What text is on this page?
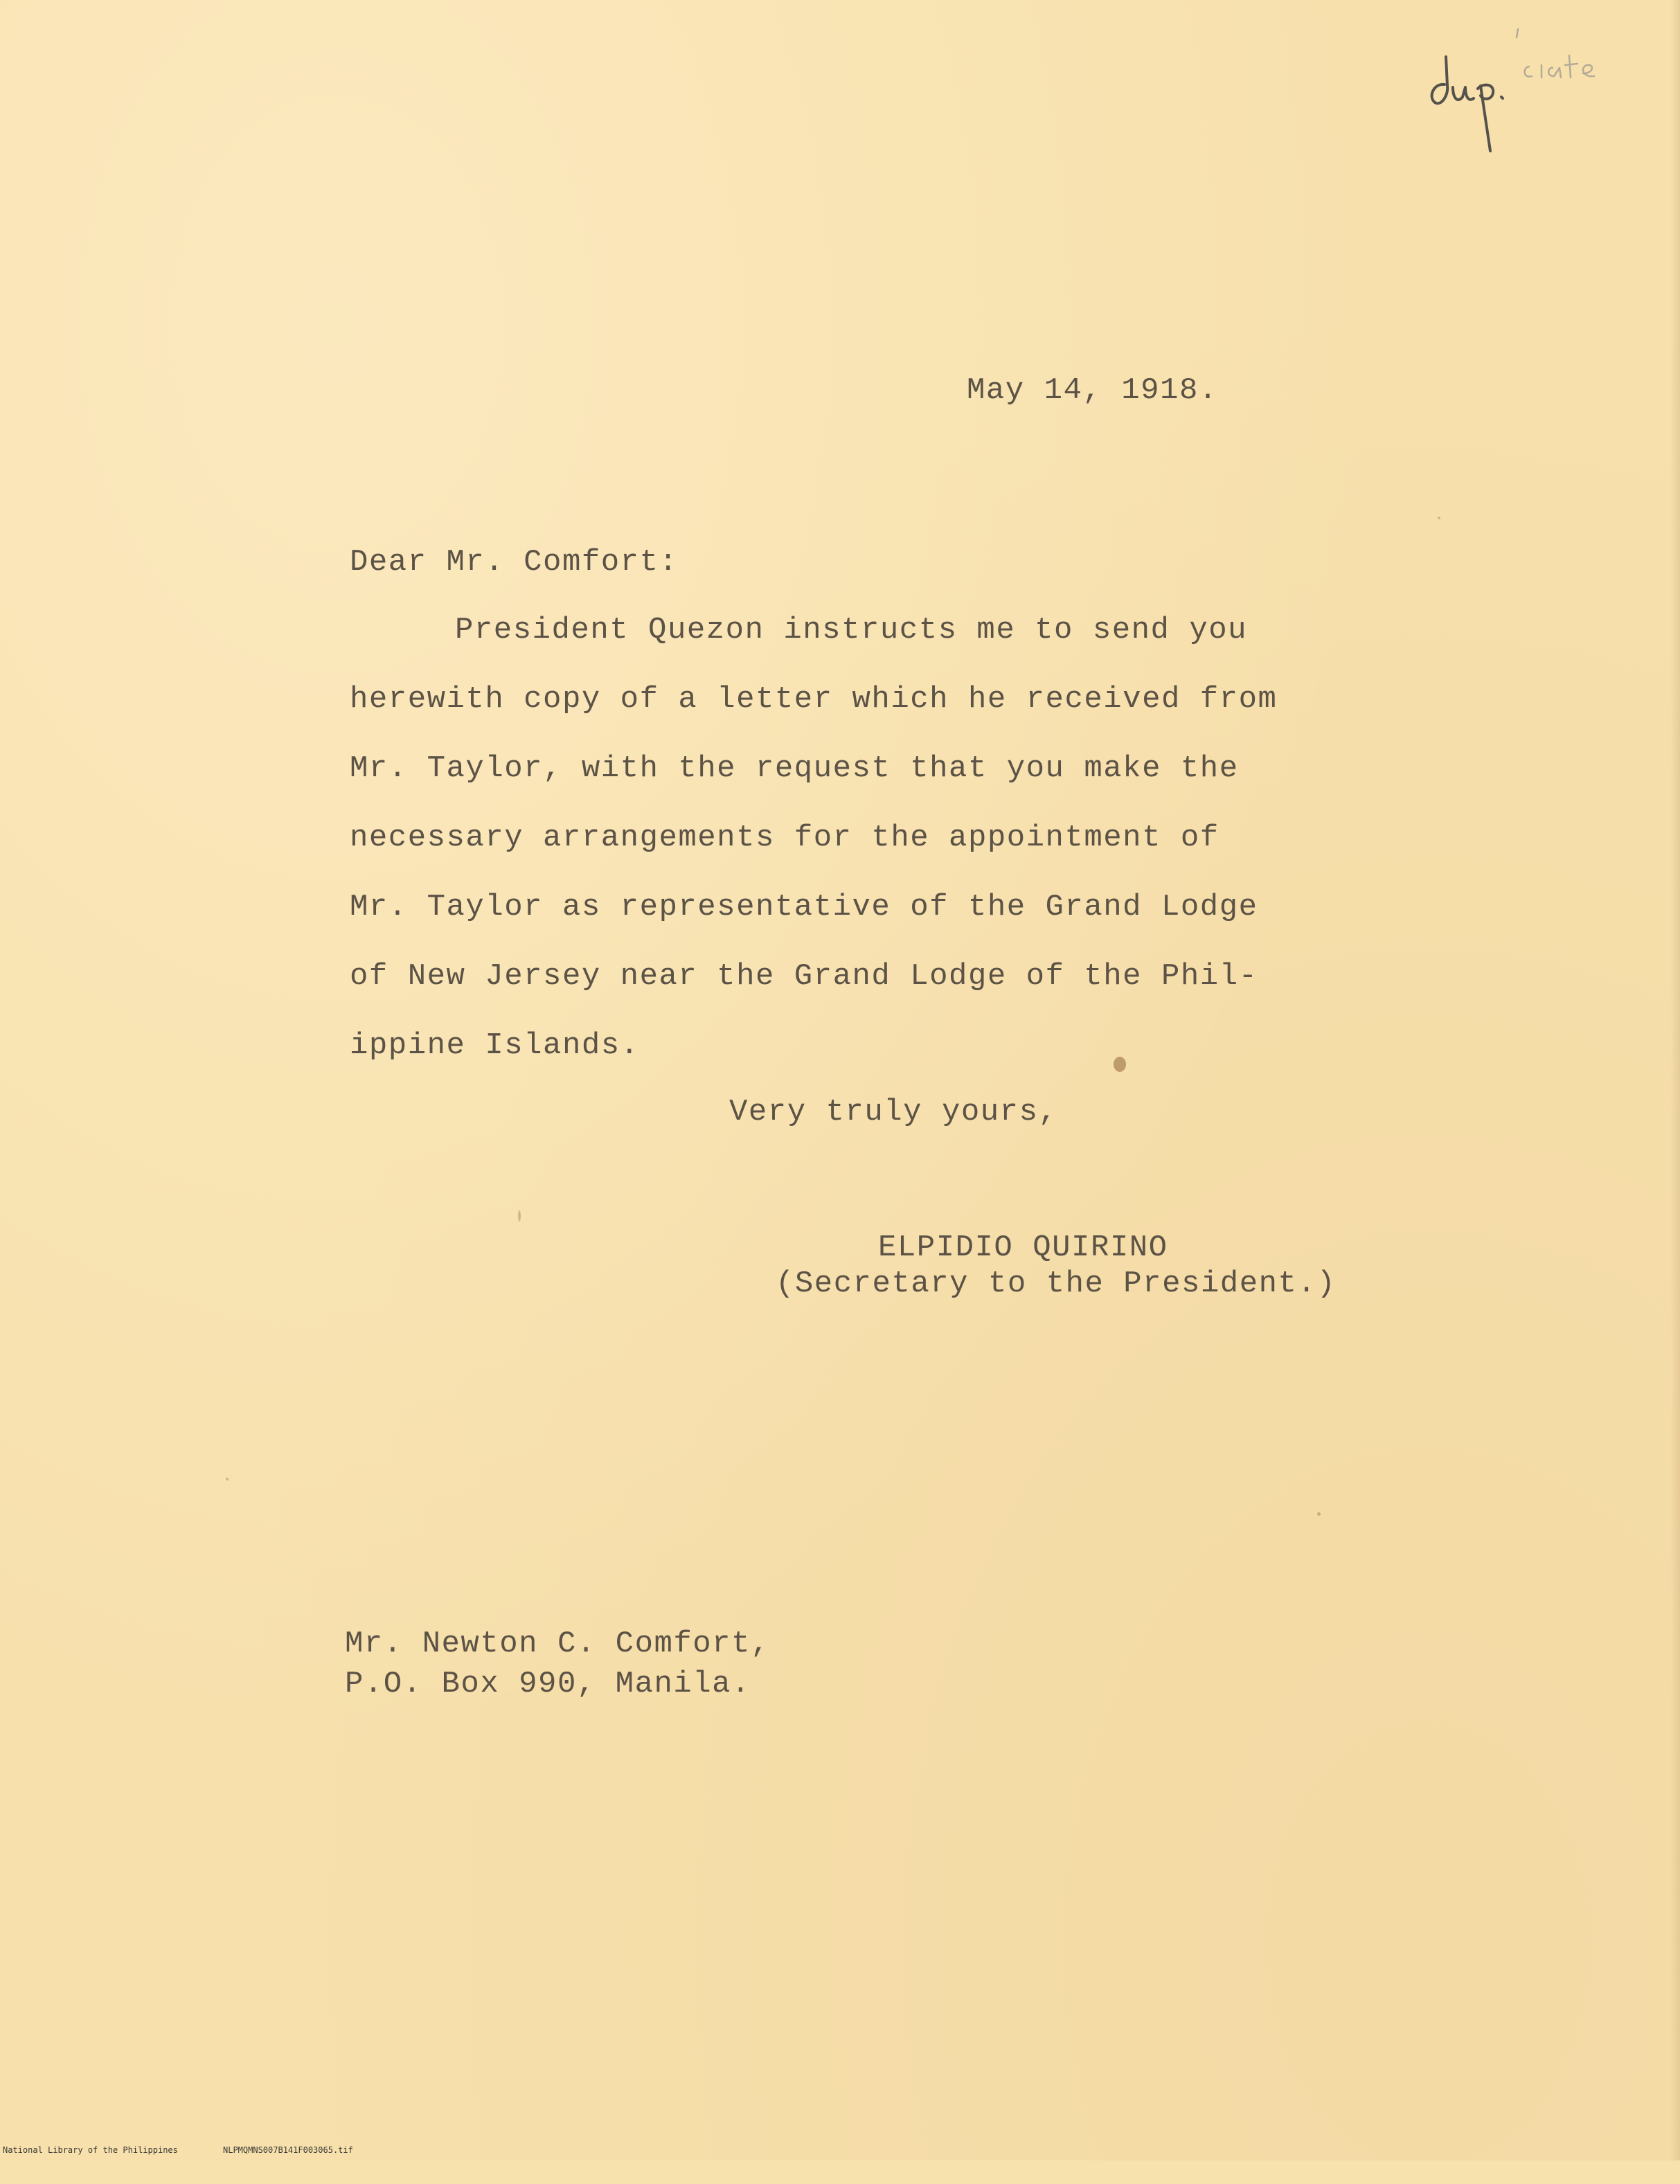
May 14, 1918.
Dear Mr. Comfort:
President Quezon instructs me to send you
herewith copy of a letter which he received from
Mr. Taylor, with the request that you make the
necessary arrangements for the appointment of
Mr. Taylor as representative of the Grand Lodge
of New Jersey near the Grand Lodge of the Phil-
ippine Islands.
Very truly yours,
ELPIDIO QUIRINO
(Secretary to the President.)
Mr. Newton C. Comfort,
P.O. Box 990, Manila.

National Library of the Philippines

	NLPMQMNS007B141F003065.tif
